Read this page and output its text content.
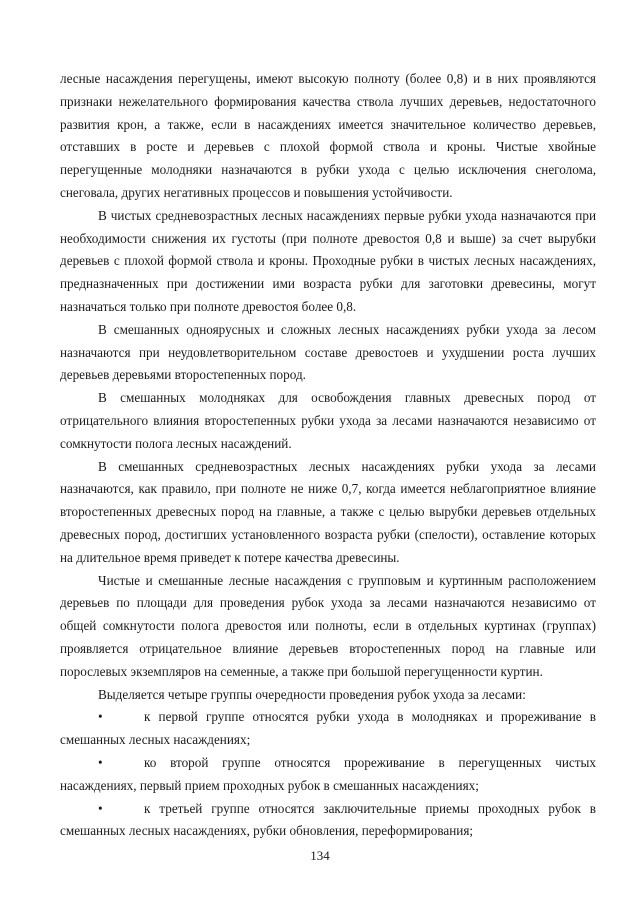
лесные насаждения перегущены, имеют высокую полноту (более 0,8) и в них проявляются признаки нежелательного формирования качества ствола лучших деревьев, недостаточного развития крон, а также, если в насаждениях имеется значительное количество деревьев, отставших в росте и деревьев с плохой формой ствола и кроны. Чистые хвойные перегущенные молодняки назначаются в рубки ухода с целью исключения снеголома, снеговала, других негативных процессов и повышения устойчивости.

В чистых средневозрастных лесных насаждениях первые рубки ухода назначаются при необходимости снижения их густоты (при полноте древостоя 0,8 и выше) за счет вырубки деревьев с плохой формой ствола и кроны. Проходные рубки в чистых лесных насаждениях, предназначенных при достижении ими возраста рубки для заготовки древесины, могут назначаться только при полноте древостоя более 0,8.

В смешанных одноярусных и сложных лесных насаждениях рубки ухода за лесом назначаются при неудовлетворительном составе древостоев и ухудшении роста лучших деревьев деревьями второстепенных пород.

В смешанных молодняках для освобождения главных древесных пород от отрицательного влияния второстепенных рубки ухода за лесами назначаются независимо от сомкнутости полога лесных насаждений.

В смешанных средневозрастных лесных насаждениях рубки ухода за лесами назначаются, как правило, при полноте не ниже 0,7, когда имеется неблагоприятное влияние второстепенных древесных пород на главные, а также с целью вырубки деревьев отдельных древесных пород, достигших установленного возраста рубки (спелости), оставление которых на длительное время приведет к потере качества древесины.

Чистые и смешанные лесные насаждения с групповым и куртинным расположением деревьев по площади для проведения рубок ухода за лесами назначаются независимо от общей сомкнутости полога древостоя или полноты, если в отдельных куртинах (группах) проявляется отрицательное влияние деревьев второстепенных пород на главные или порослевых экземпляров на семенные, а также при большой перегущенности куртин.

Выделяется четыре группы очередности проведения рубок ухода за лесами:

•	к первой группе относятся рубки ухода в молодняках и прореживание в смешанных лесных насаждениях;

•	ко второй группе относятся прореживание в перегущенных чистых насаждениях, первый прием проходных рубок в смешанных насаждениях;

•	к третьей группе относятся заключительные приемы проходных рубок в смешанных лесных насаждениях, рубки обновления, переформирования;

134
